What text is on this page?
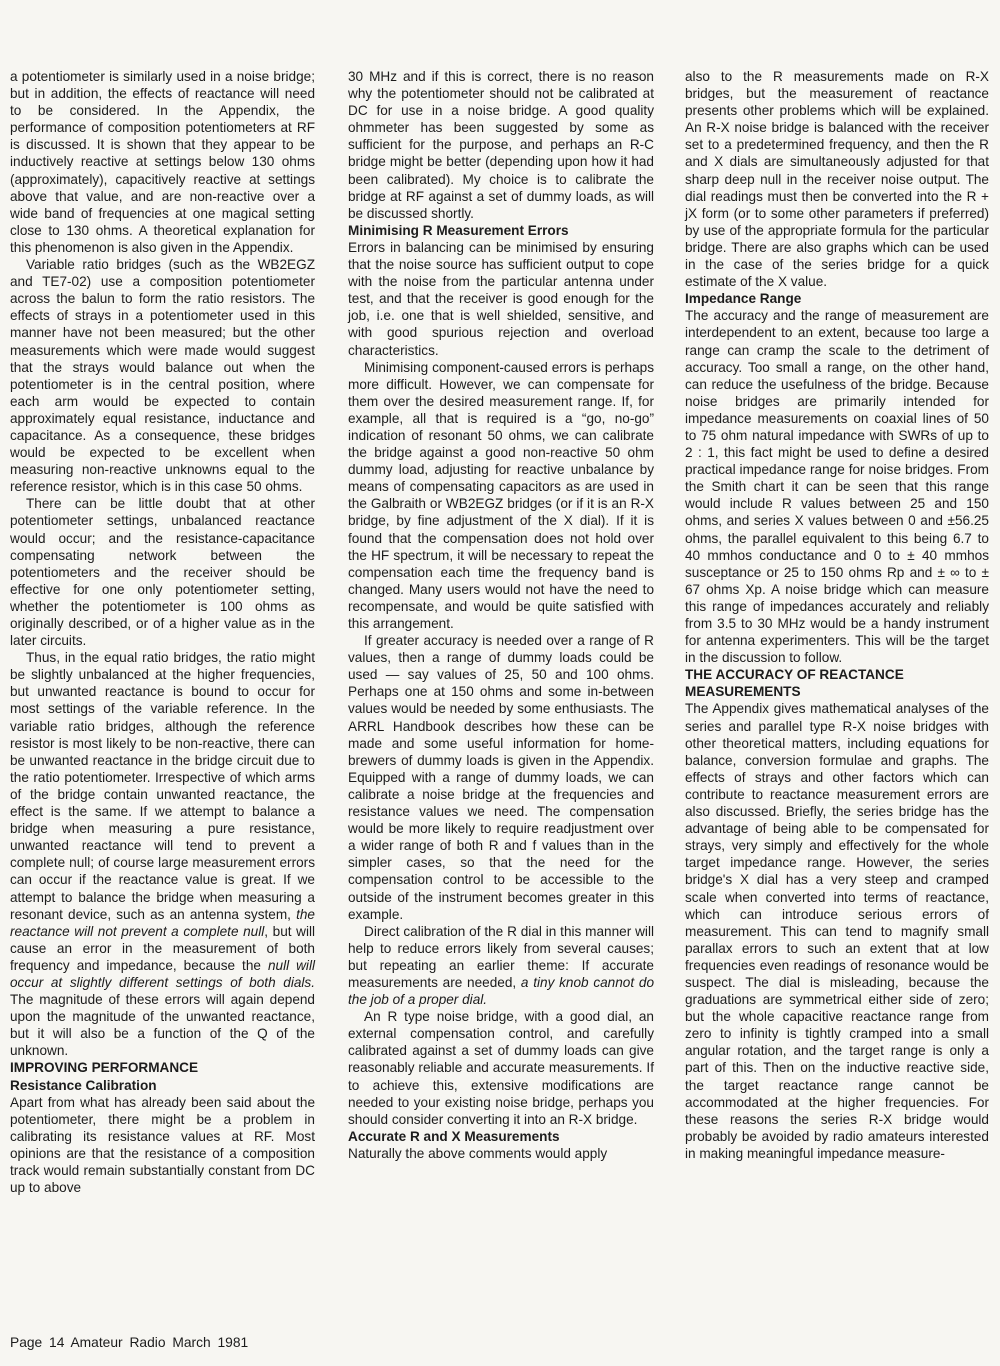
a potentiometer is similarly used in a noise bridge; but in addition, the effects of reactance will need to be considered. In the Appendix, the performance of composition potentiometers at RF is discussed. It is shown that they appear to be inductively reactive at settings below 130 ohms (approximately), capacitively reactive at settings above that value, and are non-reactive over a wide band of frequencies at one magical setting close to 130 ohms. A theoretical explanation for this phenomenon is also given in the Appendix.

Variable ratio bridges (such as the WB2EGZ and TE7-02) use a composition potentiometer across the balun to form the ratio resistors. The effects of strays in a potentiometer used in this manner have not been measured; but the other measurements which were made would suggest that the strays would balance out when the potentiometer is in the central position, where each arm would be expected to contain approximately equal resistance, inductance and capacitance. As a consequence, these bridges would be expected to be excellent when measuring non-reactive unknowns equal to the reference resistor, which is in this case 50 ohms.

There can be little doubt that at other potentiometer settings, unbalanced reactance would occur; and the resistance-capacitance compensating network between the potentiometers and the receiver should be effective for one only potentiometer setting, whether the potentiometer is 100 ohms as originally described, or of a higher value as in the later circuits.

Thus, in the equal ratio bridges, the ratio might be slightly unbalanced at the higher frequencies, but unwanted reactance is bound to occur for most settings of the variable reference. In the variable ratio bridges, although the reference resistor is most likely to be non-reactive, there can be unwanted reactance in the bridge circuit due to the ratio potentiometer. Irrespective of which arms of the bridge contain unwanted reactance, the effect is the same. If we attempt to balance a bridge when measuring a pure resistance, unwanted reactance will tend to prevent a complete null; of course large measurement errors can occur if the reactance value is great. If we attempt to balance the bridge when measuring a resonant device, such as an antenna system, the reactance will not prevent a complete null, but will cause an error in the measurement of both frequency and impedance, because the null will occur at slightly different settings of both dials. The magnitude of these errors will again depend upon the magnitude of the unwanted reactance, but it will also be a function of the Q of the unknown.

IMPROVING PERFORMANCE
Resistance Calibration

Apart from what has already been said about the potentiometer, there might be a problem in calibrating its resistance values at RF. Most opinions are that the resistance of a composition track would remain substantially constant from DC up to above

30 MHz and if this is correct, there is no reason why the potentiometer should not be calibrated at DC for use in a noise bridge. A good quality ohmmeter has been suggested by some as sufficient for the purpose, and perhaps an R-C bridge might be better (depending upon how it had been calibrated). My choice is to calibrate the bridge at RF against a set of dummy loads, as will be discussed shortly.

Minimising R Measurement Errors

Errors in balancing can be minimised by ensuring that the noise source has sufficient output to cope with the noise from the particular antenna under test, and that the receiver is good enough for the job, i.e. one that is well shielded, sensitive, and with good spurious rejection and overload characteristics.

Minimising component-caused errors is perhaps more difficult. However, we can compensate for them over the desired measurement range. If, for example, all that is required is a “go, no-go” indication of resonant 50 ohms, we can calibrate the bridge against a good non-reactive 50 ohm dummy load, adjusting for reactive unbalance by means of compensating capacitors as are used in the Galbraith or WB2EGZ bridges (or if it is an R-X bridge, by fine adjustment of the X dial). If it is found that the compensation does not hold over the HF spectrum, it will be necessary to repeat the compensation each time the frequency band is changed. Many users would not have the need to recompensate, and would be quite satisfied with this arrangement.

If greater accuracy is needed over a range of R values, then a range of dummy loads could be used — say values of 25, 50 and 100 ohms. Perhaps one at 150 ohms and some in-between values would be needed by some enthusiasts. The ARRL Handbook describes how these can be made and some useful information for home-brewers of dummy loads is given in the Appendix. Equipped with a range of dummy loads, we can calibrate a noise bridge at the frequencies and resistance values we need. The compensation would be more likely to require readjustment over a wider range of both R and f values than in the simpler cases, so that the need for the compensation control to be accessible to the outside of the instrument becomes greater in this example.

Direct calibration of the R dial in this manner will help to reduce errors likely from several causes; but repeating an earlier theme: If accurate measurements are needed, a tiny knob cannot do the job of a proper dial.

An R type noise bridge, with a good dial, an external compensation control, and carefully calibrated against a set of dummy loads can give reasonably reliable and accurate measurements. If to achieve this, extensive modifications are needed to your existing noise bridge, perhaps you should consider converting it into an R-X bridge.

Accurate R and X Measurements

Naturally the above comments would apply

also to the R measurements made on R-X bridges, but the measurement of reactance presents other problems which will be explained. An R-X noise bridge is balanced with the receiver set to a predetermined frequency, and then the R and X dials are simultaneously adjusted for that sharp deep null in the receiver noise output. The dial readings must then be converted into the R + jX form (or to some other parameters if preferred) by use of the appropriate formula for the particular bridge. There are also graphs which can be used in the case of the series bridge for a quick estimate of the X value.

Impedance Range

The accuracy and the range of measurement are interdependent to an extent, because too large a range can cramp the scale to the detriment of accuracy. Too small a range, on the other hand, can reduce the usefulness of the bridge. Because noise bridges are primarily intended for impedance measurements on coaxial lines of 50 to 75 ohm natural impedance with SWRs of up to 2 : 1, this fact might be used to define a desired practical impedance range for noise bridges. From the Smith chart it can be seen that this range would include R values between 25 and 150 ohms, and series X values between 0 and ±56.25 ohms, the parallel equivalent to this being 6.7 to 40 mmhos conductance and 0 to ± 40 mmhos susceptance or 25 to 150 ohms Rp and ± ∞ to ± 67 ohms Xp. A noise bridge which can measure this range of impedances accurately and reliably from 3.5 to 30 MHz would be a handy instrument for antenna experimenters. This will be the target in the discussion to follow.

THE ACCURACY OF REACTANCE MEASUREMENTS

The Appendix gives mathematical analyses of the series and parallel type R-X noise bridges with other theoretical matters, including equations for balance, conversion formulae and graphs. The effects of strays and other factors which can contribute to reactance measurement errors are also discussed. Briefly, the series bridge has the advantage of being able to be compensated for strays, very simply and effectively for the whole target impedance range. However, the series bridge's X dial has a very steep and cramped scale when converted into terms of reactance, which can introduce serious errors of measurement. This can tend to magnify small parallax errors to such an extent that at low frequencies even readings of resonance would be suspect. The dial is misleading, because the graduations are symmetrical either side of zero; but the whole capacitive reactance range from zero to infinity is tightly cramped into a small angular rotation, and the target range is only a part of this. Then on the inductive reactive side, the target reactance range cannot be accommodated at the higher frequencies. For these reasons the series R-X bridge would probably be avoided by radio amateurs interested in making meaningful impedance measure-

Page 14 Amateur Radio March 1981
